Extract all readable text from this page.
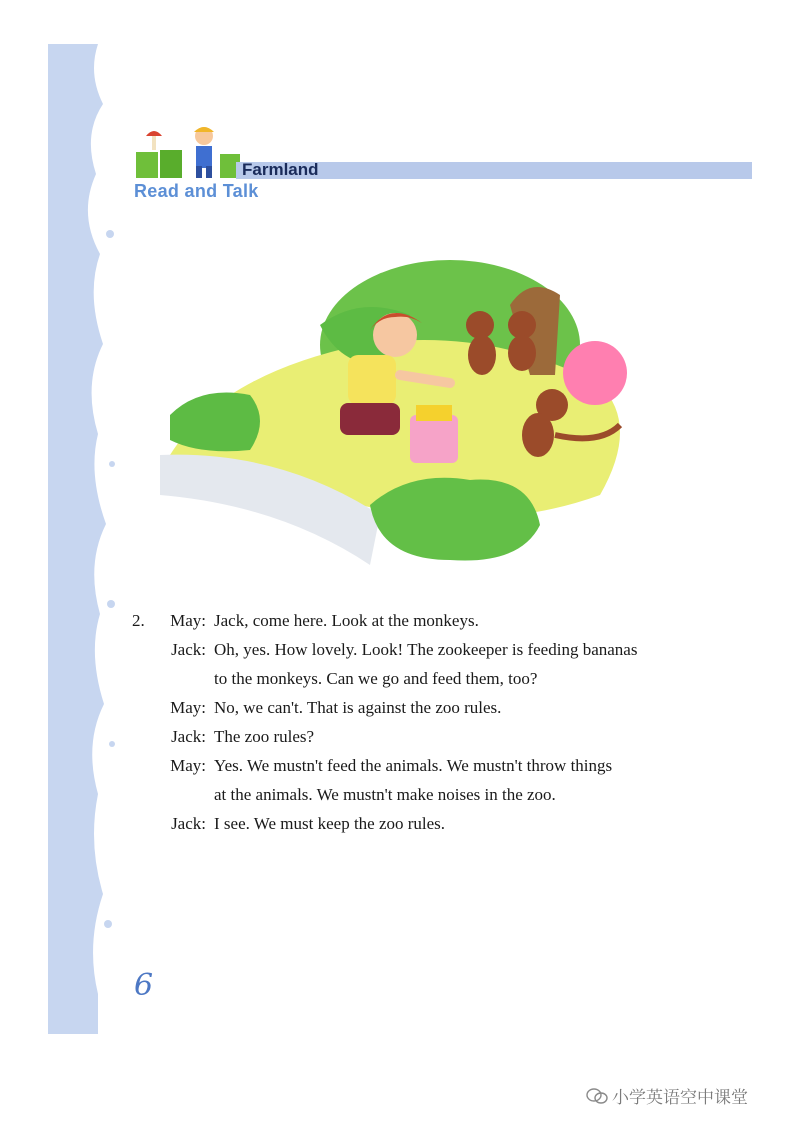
Farmland
Read and Talk
2.	May: Jack, come here. Look at the monkeys.
Jack: Oh, yes. How lovely. Look! The zookeeper is feeding bananas
to the monkeys. Can we go and feed them, too?
May: No, we can't. That is against the zoo rules.
Jack: The zoo rules?
May: Yes. We mustn't feed the animals. We mustn't throw things
at the animals. We mustn't make noises in the zoo.
Jack: I see. We must keep the zoo rules.
6
小学英语空中课堂
